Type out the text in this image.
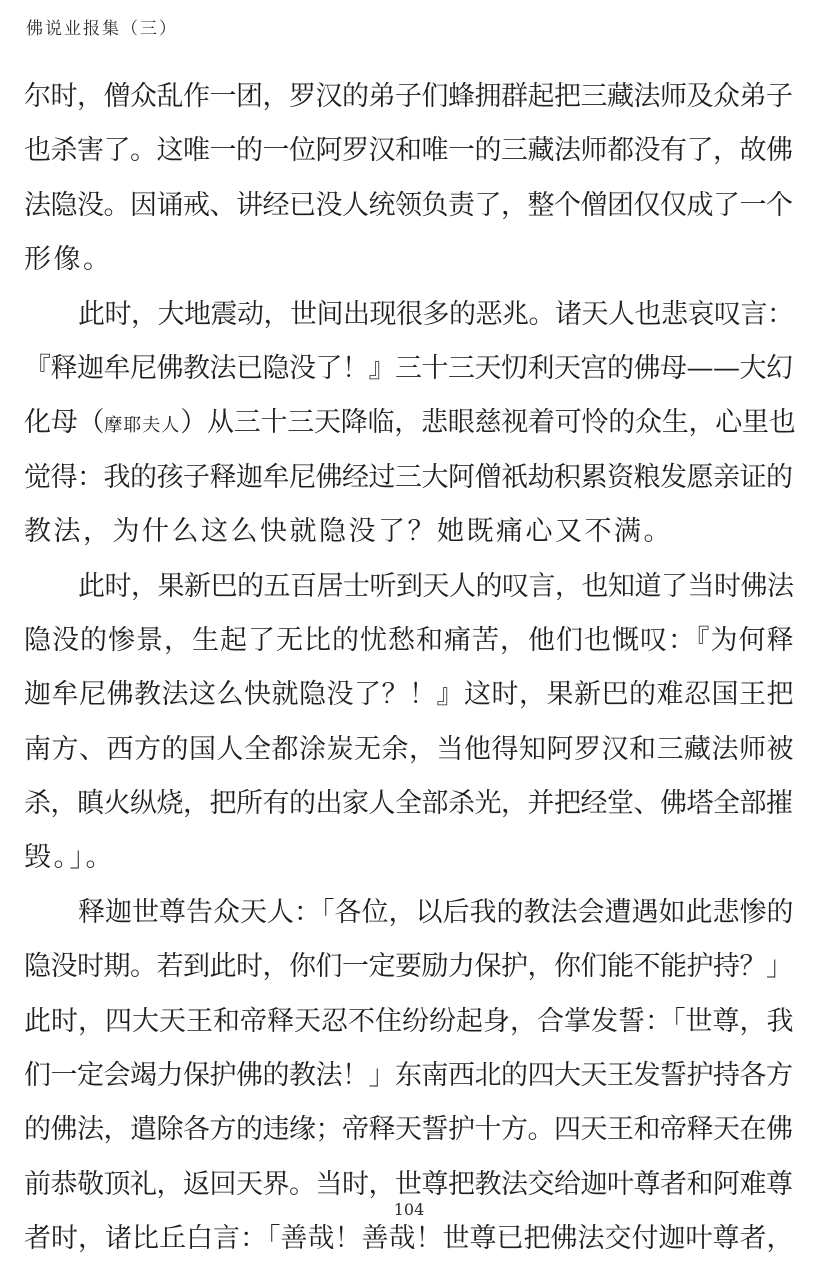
佛说业报集（三）
尔时，僧众乱作一团，罗汉的弟子们蜂拥群起把三藏法师及众弟子
也杀害了。这唯一的一位阿罗汉和唯一的三藏法师都没有了，故佛
法隐没。因诵戒、讲经已没人统领负责了，整个僧团仅仅成了一个
形像。
此时，大地震动，世间出现很多的恶兆。诸天人也悲哀叹言：
『释迦牟尼佛教法已隐没了！』三十三天忉利天宫的佛母——大幻
化母（摩耶夫人）从三十三天降临，悲眼慈视着可怜的众生，心里也
觉得：我的孩子释迦牟尼佛经过三大阿僧祇劫积累资粮发愿亲证的
教法，为什么这么快就隐没了？她既痛心又不满。
此时，果新巴的五百居士听到天人的叹言，也知道了当时佛法
隐没的惨景，生起了无比的忧愁和痛苦，他们也慨叹：『为何释
迦牟尼佛教法这么快就隐没了？！』这时，果新巴的难忍国王把
南方、西方的国人全都涂炭无余，当他得知阿罗汉和三藏法师被
杀，瞋火纵烧，把所有的出家人全部杀光，并把经堂、佛塔全部摧
毁。」。
释迦世尊告众天人：「各位，以后我的教法会遭遇如此悲惨的
隐没时期。若到此时，你们一定要励力保护，你们能不能护持？」
此时，四大天王和帝释天忍不住纷纷起身，合掌发誓：「世尊，我
们一定会竭力保护佛的教法！」东南西北的四大天王发誓护持各方
的佛法，遣除各方的违缘；帝释天誓护十方。四天王和帝释天在佛
前恭敬顶礼，返回天界。当时，世尊把教法交给迦叶尊者和阿难尊
者时，诸比丘白言：「善哉！善哉！世尊已把佛法交付迦叶尊者，
104
